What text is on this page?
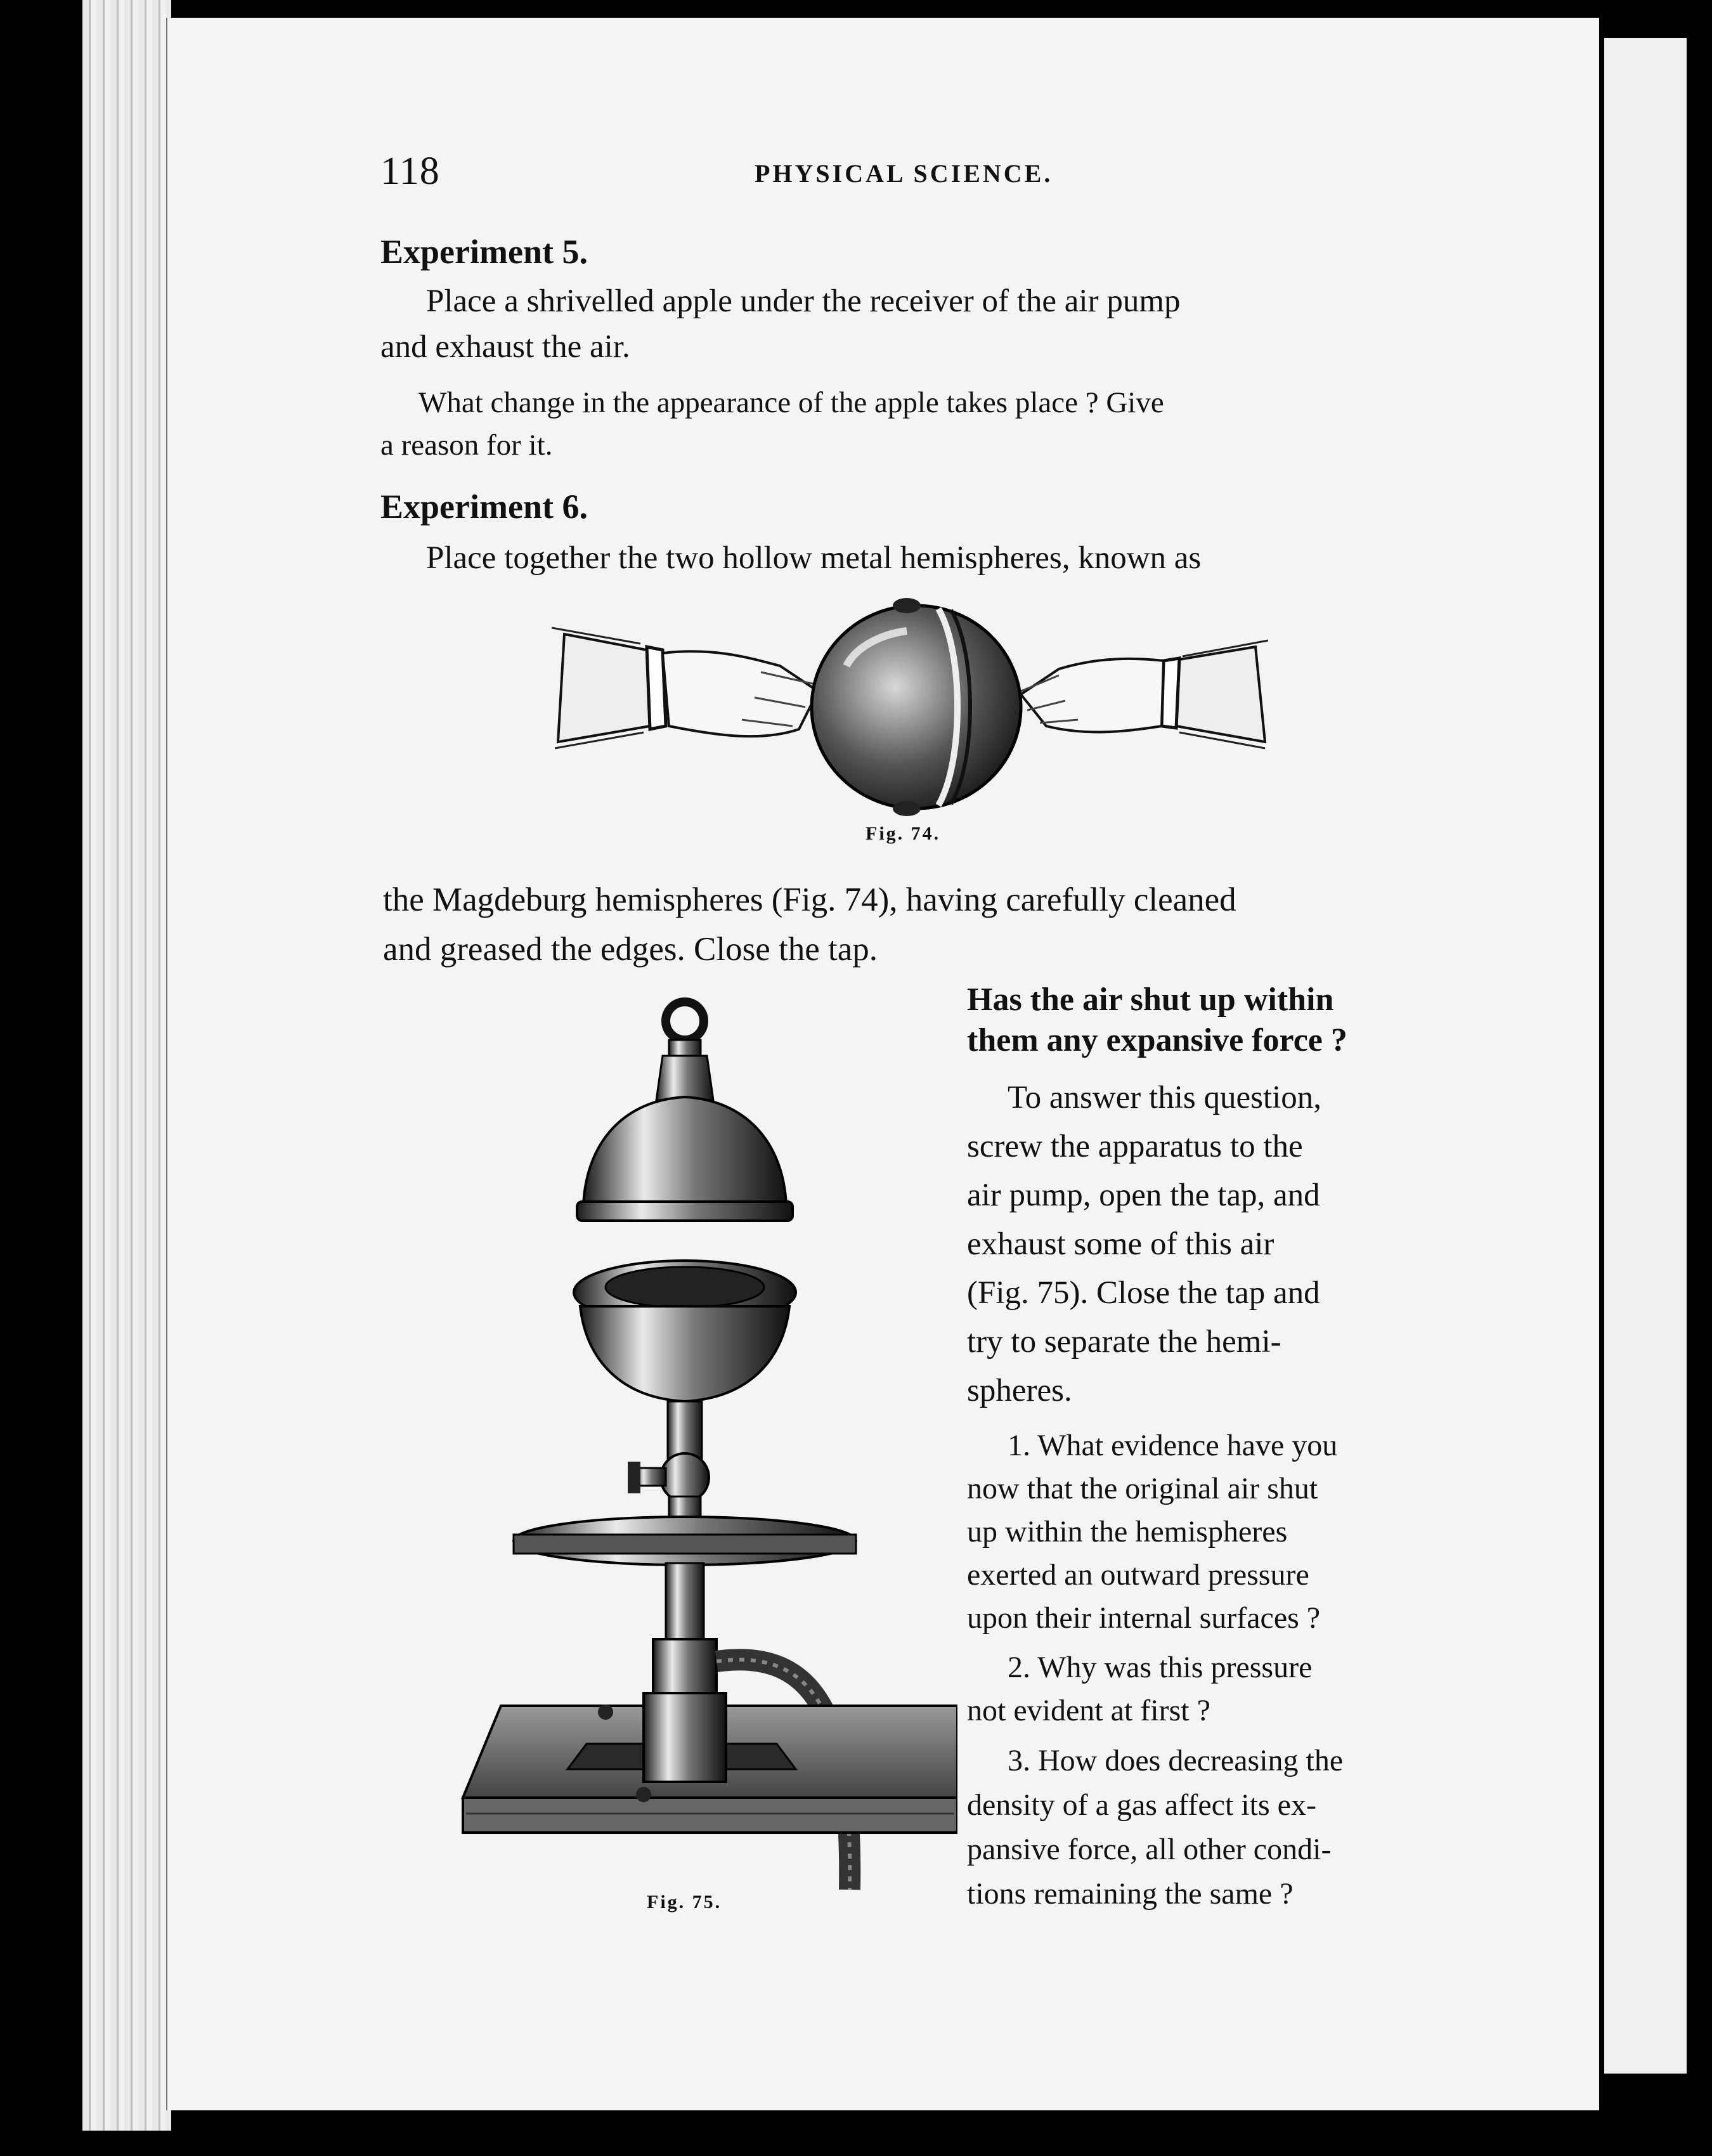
118	PHYSICAL SCIENCE.

Experiment 5.

Place a shrivelled apple under the receiver of the air pump

and exhaust the air.

What change in the appearance of the apple takes place ? Give

a reason for it.

Experiment 6.

Place together the two hollow metal hemispheres, known as

Fig. 74.

the Magdeburg hemispheres (Fig. 74), having carefully cleaned

and greased the edges. Close the tap.

Fig. 75.

Has the air shut up within

them any expansive force ?

To answer this question,
screw the apparatus to the
air pump, open the tap, and
exhaust some of this air
(Fig. 75). Close the tap and
try to separate the hemi-
spheres.
1. What evidence have you
now that the original air shut
up within the hemispheres
exerted an outward pressure
upon their internal surfaces ?
2. Why was this pressure
not evident at first ?
3. How does decreasing the
density of a gas affect its ex-
pansive force, all other condi-
tions remaining the same ?
